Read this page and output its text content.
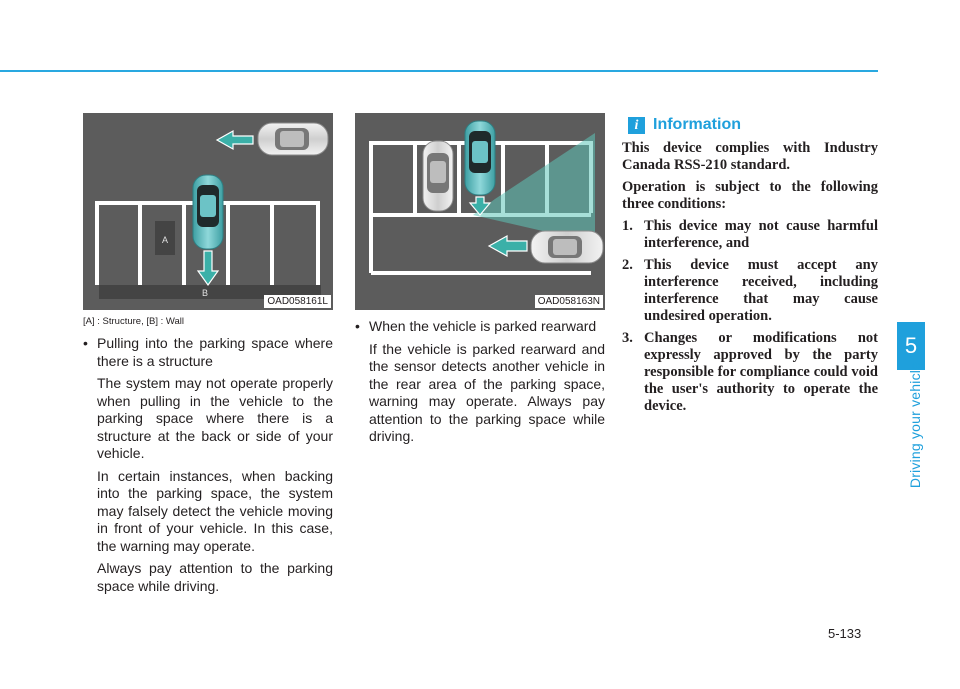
A
B
OAD058161L
[A] : Structure, [B] : Wall
OAD058163N
• Pulling into the parking space where there is a structure

The system may not operate properly when pulling in the vehicle to the parking space where there is a structure at the back or side of your vehicle.

In certain instances, when backing into the parking space, the system may falsely detect the vehicle moving in front of your vehicle. In this case, the warning may operate.

Always pay attention to the parking space while driving.

• When the vehicle is parked rearward

If the vehicle is parked rearward and the sensor detects another vehicle in the rear area of the parking space, warning may operate. Always pay attention to the parking space while driving.

i Information

This device complies with Industry Canada RSS-210 standard.

Operation is subject to the following three conditions:

1. This device may not cause harmful interference, and
2. This device must accept any interference received, including interference that may cause undesired operation.
3. Changes or modifications not expressly approved by the party responsible for compliance could void the user's authority to operate the device.
5
Driving your vehicle
5-133
